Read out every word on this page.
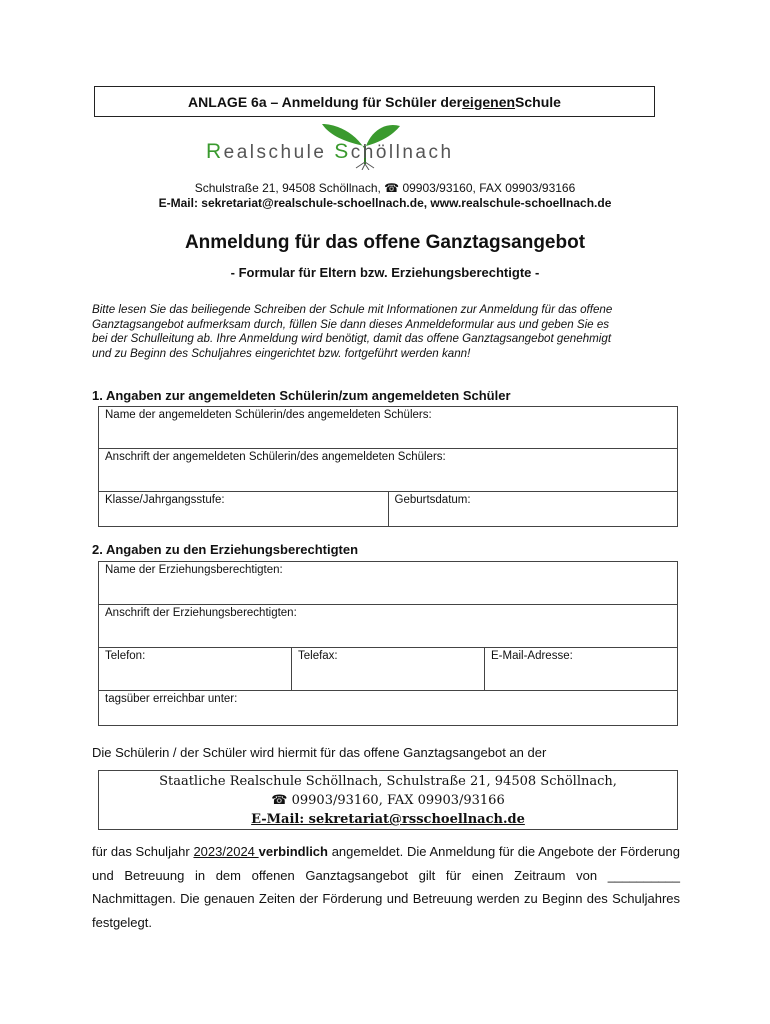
ANLAGE 6a – Anmeldung für Schüler der eigenen Schule
Realschule Schöllnach
Schulstraße 21, 94508 Schöllnach, ☎ 09903/93160, FAX 09903/93166
E-Mail: sekretariat@realschule-schoellnach.de, www.realschule-schoellnach.de
Anmeldung für das offene Ganztagsangebot
- Formular für Eltern bzw. Erziehungsberechtigte -
Bitte lesen Sie das beiliegende Schreiben der Schule mit Informationen zur Anmeldung für das offene
Ganztagsangebot aufmerksam durch, füllen Sie dann dieses Anmeldeformular aus und geben Sie es
bei der Schulleitung ab. Ihre Anmeldung wird benötigt, damit das offene Ganztagsangebot genehmigt
und zu Beginn des Schuljahres eingerichtet bzw. fortgeführt werden kann!
1. Angaben zur angemeldeten Schülerin/zum angemeldeten Schüler
Name der angemeldeten Schülerin/des angemeldeten Schülers:
Anschrift der angemeldeten Schülerin/des angemeldeten Schülers:
Klasse/Jahrgangsstufe:	Geburtsdatum:
2. Angaben zu den Erziehungsberechtigten
Name der Erziehungsberechtigten:
Anschrift der Erziehungsberechtigten:
Telefon:	Telefax:	E-Mail-Adresse:
tagsüber erreichbar unter:
Die Schülerin / der Schüler wird hiermit für das offene Ganztagsangebot an der
Staatliche Realschule Schöllnach, Schulstraße 21, 94508 Schöllnach,
☎ 09903/93160, FAX 09903/93166
E-Mail: sekretariat@rsschoellnach.de
für das Schuljahr 2023/2024 verbindlich angemeldet. Die Anmeldung für die Angebote der Förderung und Betreuung in dem offenen Ganztagsangebot gilt für einen Zeitraum von __________ Nachmittagen. Die genauen Zeiten der Förderung und Betreuung werden zu Beginn des Schuljahres festgelegt.
